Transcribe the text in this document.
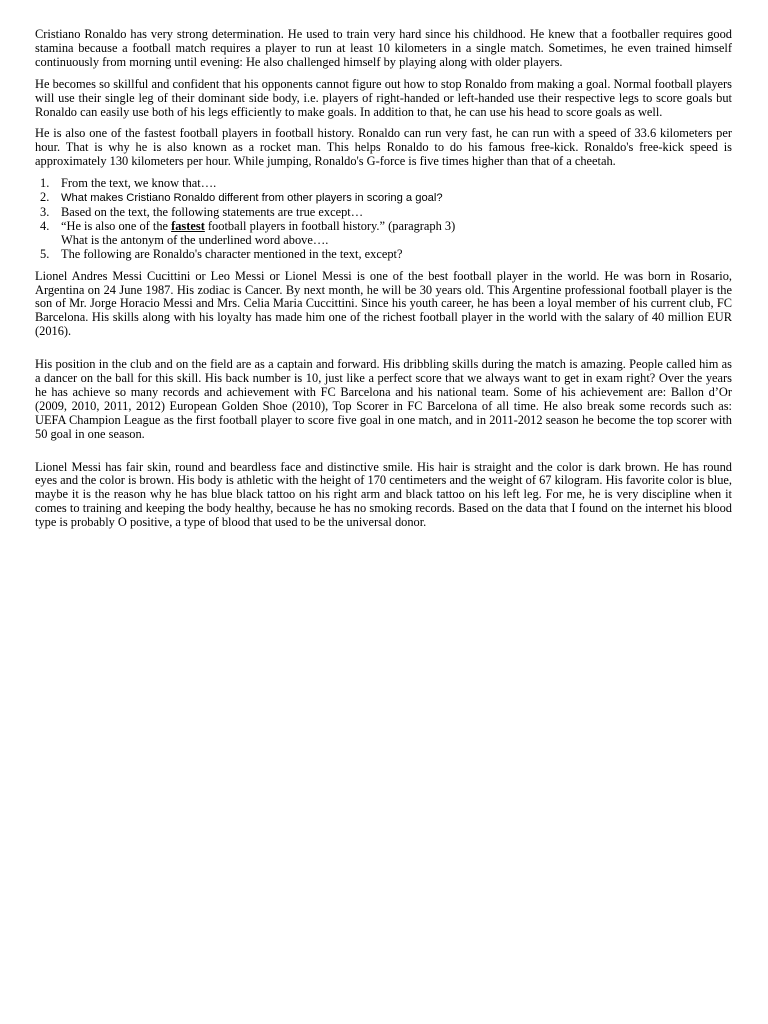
Cristiano Ronaldo has very strong determination. He used to train very hard since his childhood. He knew that a footballer requires good stamina because a football match requires a player to run at least 10 kilometers in a single match. Sometimes, he even trained himself continuously from morning until evening: He also challenged himself by playing along with older players.

He becomes so skillful and confident that his opponents cannot figure out how to stop Ronaldo from making a goal. Normal football players will use their single leg of their dominant side body, i.e. players of right-handed or left-handed use their respective legs to score goals but Ronaldo can easily use both of his legs efficiently to make goals. In addition to that, he can use his head to score goals as well.

He is also one of the fastest football players in football history. Ronaldo can run very fast, he can run with a speed of 33.6 kilometers per hour. That is why he is also known as a rocket man. This helps Ronaldo to do his famous free-kick. Ronaldo's free-kick speed is approximately 130 kilometers per hour. While jumping, Ronaldo's G-force is five times higher than that of a cheetah.

1. From the text, we know that….
2. What makes Cristiano Ronaldo different from other players in scoring a goal?
3. Based on the text, the following statements are true except…
4. “He is also one of the fastest football players in football history.” (paragraph 3)
What is the antonym of the underlined word above….
5. The following are Ronaldo's character mentioned in the text, except?

Lionel Andres Messi Cucittini or Leo Messi or Lionel Messi is one of the best football player in the world. He was born in Rosario, Argentina on 24 June 1987. His zodiac is Cancer. By next month, he will be 30 years old. This Argentine professional football player is the son of Mr. Jorge Horacio Messi and Mrs. Celia Maria Cuccittini. Since his youth career, he has been a loyal member of his current club, FC Barcelona. His skills along with his loyalty has made him one of the richest football player in the world with the salary of 40 million EUR (2016).

His position in the club and on the field are as a captain and forward. His dribbling skills during the match is amazing. People called him as a dancer on the ball for this skill. His back number is 10, just like a perfect score that we always want to get in exam right? Over the years he has achieve so many records and achievement with FC Barcelona and his national team. Some of his achievement are: Ballon d’Or (2009, 2010, 2011, 2012) European Golden Shoe (2010), Top Scorer in FC Barcelona of all time. He also break some records such as: UEFA Champion League as the first football player to score five goal in one match, and in 2011-2012 season he become the top scorer with 50 goal in one season.

Lionel Messi has fair skin, round and beardless face and distinctive smile. His hair is straight and the color is dark brown. He has round eyes and the color is brown. His body is athletic with the height of 170 centimeters and the weight of 67 kilogram. His favorite color is blue, maybe it is the reason why he has blue black tattoo on his right arm and black tattoo on his left leg. For me, he is very discipline when it comes to training and keeping the body healthy, because he has no smoking records. Based on the data that I found on the internet his blood type is probably O positive, a type of blood that used to be the universal donor.
